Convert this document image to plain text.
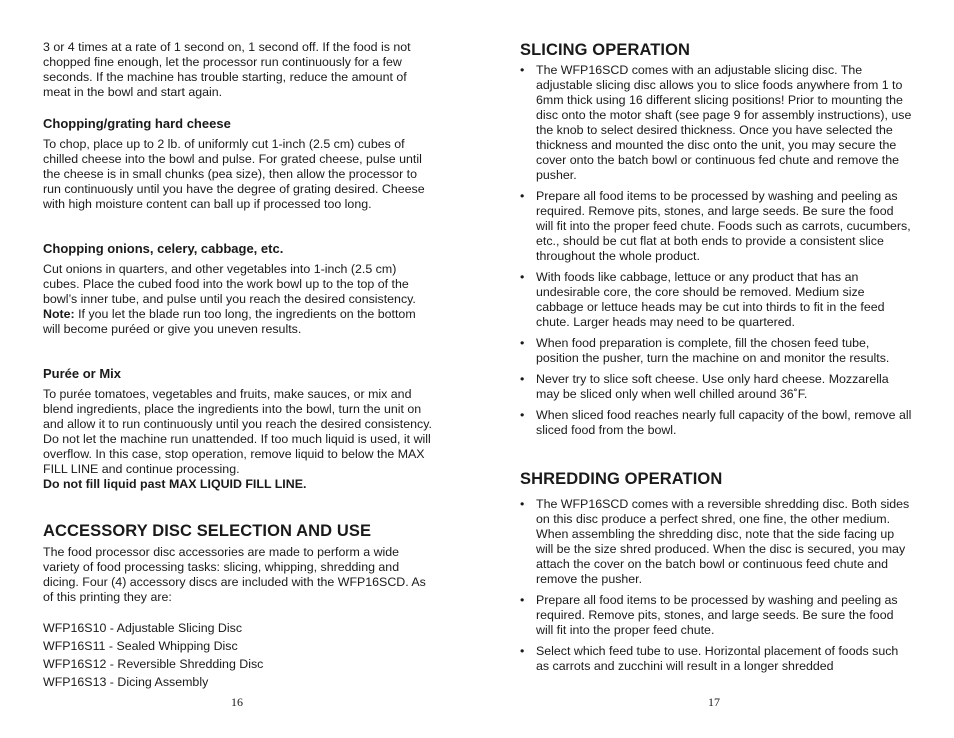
3 or 4 times at a rate of 1 second on, 1 second off. If the food is not chopped fine enough, let the processor run continuously for a few seconds. If the machine has trouble starting, reduce the amount of meat in the bowl and start again.

Chopping/grating hard cheese

To chop, place up to 2 lb. of uniformly cut 1-inch (2.5 cm) cubes of chilled cheese into the bowl and pulse. For grated cheese, pulse until the cheese is in small chunks (pea size), then allow the processor to run continuously until you have the degree of grating desired. Cheese with high moisture content can ball up if processed too long.

Chopping onions, celery, cabbage, etc.

Cut onions in quarters, and other vegetables into 1-inch (2.5 cm) cubes. Place the cubed food into the work bowl up to the top of the bowl’s inner tube, and pulse until you reach the desired consistency.

Note: If you let the blade run too long, the ingredients on the bottom will become puréed or give you uneven results.

Purée or Mix

To purée tomatoes, vegetables and fruits, make sauces, or mix and blend ingredients, place the ingredients into the bowl, turn the unit on and allow it to run continuously until you reach the desired consistency. Do not let the machine run unattended. If too much liquid is used, it will overflow. In this case, stop operation, remove liquid to below the MAX FILL LINE and continue processing.

Do not fill liquid past MAX LIQUID FILL LINE.

ACCESSORY DISC SELECTION AND USE

The food processor disc accessories are made to perform a wide variety of food processing tasks: slicing, whipping, shredding and dicing. Four (4) accessory discs are included with the WFP16SCD. As of this printing they are:

WFP16S10 - Adjustable Slicing Disc

WFP16S11 - Sealed Whipping Disc

WFP16S12 - Reversible Shredding Disc

WFP16S13 - Dicing Assembly

16
SLICING OPERATION
• The WFP16SCD comes with an adjustable slicing disc. The adjustable slicing disc allows you to slice foods anywhere from 1 to 6mm thick using 16 different slicing positions! Prior to mounting the disc onto the motor shaft (see page 9 for assembly instructions), use the knob to select desired thickness. Once you have selected the thickness and mounted the disc onto the unit, you may secure the cover onto the batch bowl or continuous fed chute and remove the pusher.
• Prepare all food items to be processed by washing and peeling as required. Remove pits, stones, and large seeds. Be sure the food will fit into the proper feed chute. Foods such as carrots, cucumbers, etc., should be cut flat at both ends to provide a consistent slice throughout the whole product.
• With foods like cabbage, lettuce or any product that has an undesirable core, the core should be removed. Medium size cabbage or lettuce heads may be cut into thirds to fit in the feed chute. Larger heads may need to be quartered.
• When food preparation is complete, fill the chosen feed tube, position the pusher, turn the machine on and monitor the results.
• Never try to slice soft cheese. Use only hard cheese. Mozzarella may be sliced only when well chilled around 36˚F.
• When sliced food reaches nearly full capacity of the bowl, remove all sliced food from the bowl.
SHREDDING OPERATION
• The WFP16SCD comes with a reversible shredding disc. Both sides on this disc produce a perfect shred, one fine, the other medium. When assembling the shredding disc, note that the side facing up will be the size shred produced. When the disc is secured, you may attach the cover on the batch bowl or continuous feed chute and remove the pusher.
• Prepare all food items to be processed by washing and peeling as required. Remove pits, stones, and large seeds. Be sure the food will fit into the proper feed chute.
• Select which feed tube to use. Horizontal placement of foods such as carrots and zucchini will result in a longer shredded
17
